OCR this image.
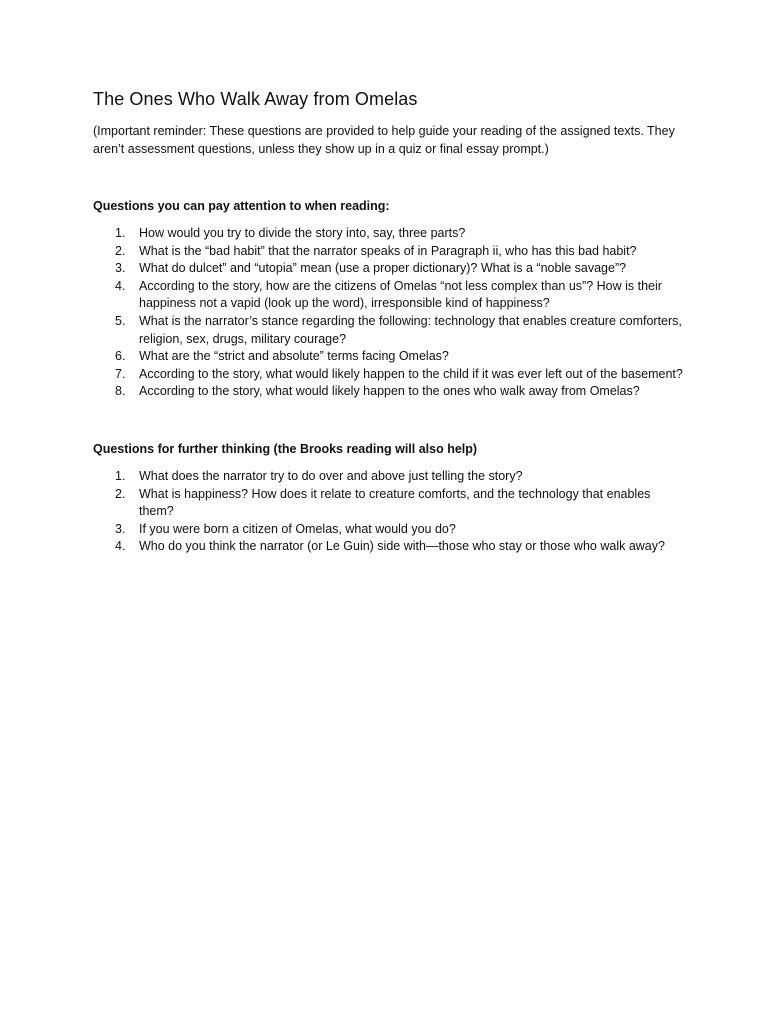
The Ones Who Walk Away from Omelas

(Important reminder: These questions are provided to help guide your reading of the assigned texts. They aren’t assessment questions, unless they show up in a quiz or final essay prompt.)

Questions you can pay attention to when reading:

1. How would you try to divide the story into, say, three parts?
2. What is the “bad habit” that the narrator speaks of in Paragraph ii, who has this bad habit?
3. What do dulcet” and “utopia” mean (use a proper dictionary)? What is a “noble savage”?
4. According to the story, how are the citizens of Omelas “not less complex than us”? How is their happiness not a vapid (look up the word), irresponsible kind of happiness?
5. What is the narrator’s stance regarding the following: technology that enables creature comforters, religion, sex, drugs, military courage?
6. What are the “strict and absolute” terms facing Omelas?
7. According to the story, what would likely happen to the child if it was ever left out of the basement?
8. According to the story, what would likely happen to the ones who walk away from Omelas?

Questions for further thinking (the Brooks reading will also help)

1. What does the narrator try to do over and above just telling the story?
2. What is happiness? How does it relate to creature comforts, and the technology that enables them?
3. If you were born a citizen of Omelas, what would you do?
4. Who do you think the narrator (or Le Guin) side with—those who stay or those who walk away?
